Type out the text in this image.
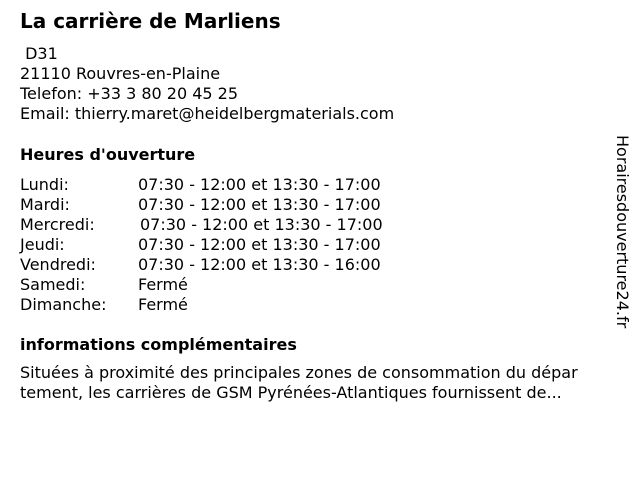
La carrière de Marliens
D31
21110 Rouvres-en-Plaine
Telefon: +33 3 80 20 45 25
Email: thierry.maret@heidelbergmaterials.com
Heures d'ouverture
Lundi:	07:30 - 12:00 et 13:30 - 17:00
Mardi:	07:30 - 12:00 et 13:30 - 17:00
Mercredi:	07:30 - 12:00 et 13:30 - 17:00
Jeudi:	07:30 - 12:00 et 13:30 - 17:00
Vendredi:	07:30 - 12:00 et 13:30 - 16:00
Samedi:	Fermé
Dimanche: Fermé
informations complémentaires
Situées à proximité des principales zones de consommation du dépar
tement, les carrières de GSM Pyrénées-Atlantiques fournissent de...
Horairesdouverture24.fr
